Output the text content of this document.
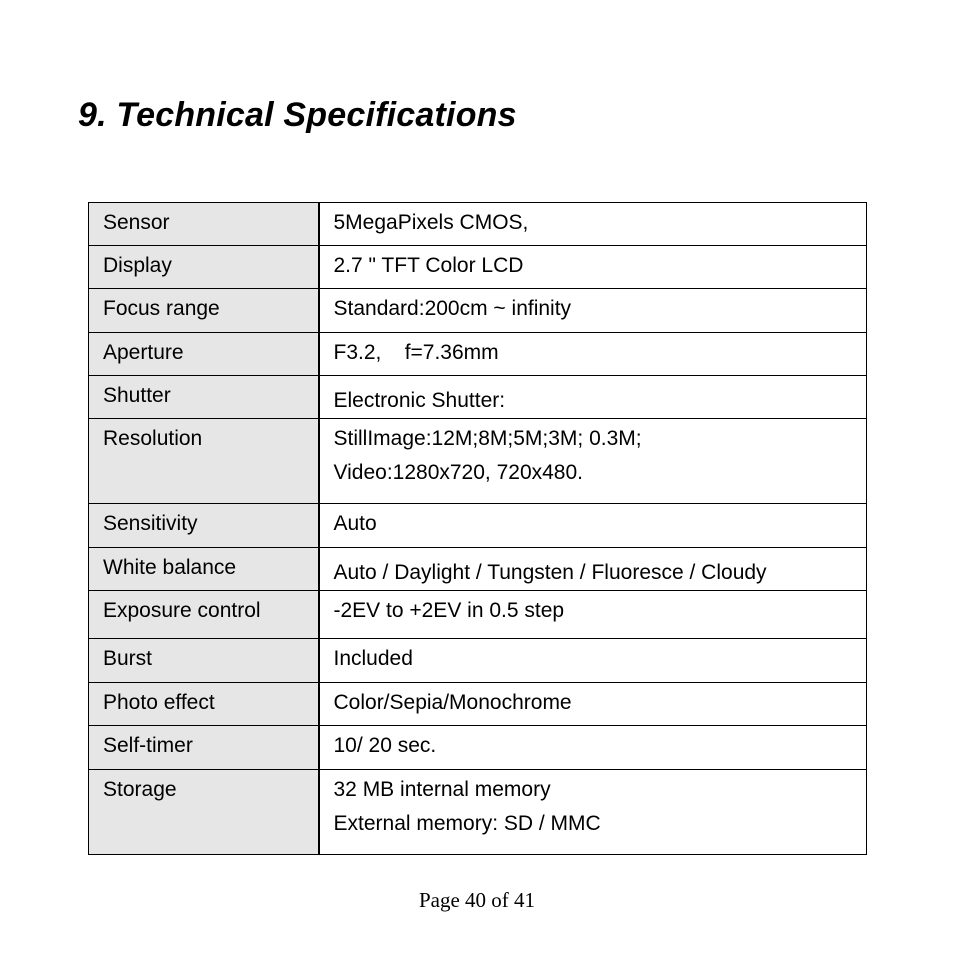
9. Technical Specifications
Sensor	5MegaPixels CMOS,

Display	2.7 " TFT Color LCD

Focus range	Standard:200cm ~ infinity

Aperture	F3.2,    f=7.36mm

Shutter	Electronic Shutter:

Resolution	StillImage:12M;8M;5M;3M; 0.3M;
Video:1280x720, 720x480.

Sensitivity	Auto

White balance	Auto / Daylight / Tungsten / Fluoresce / Cloudy

Exposure control	-2EV to +2EV in 0.5 step

Burst	Included

Photo effect	Color/Sepia/Monochrome

Self-timer	10/ 20 sec.

Storage	32 MB internal memory
External memory: SD / MMC
Page 40 of 41
